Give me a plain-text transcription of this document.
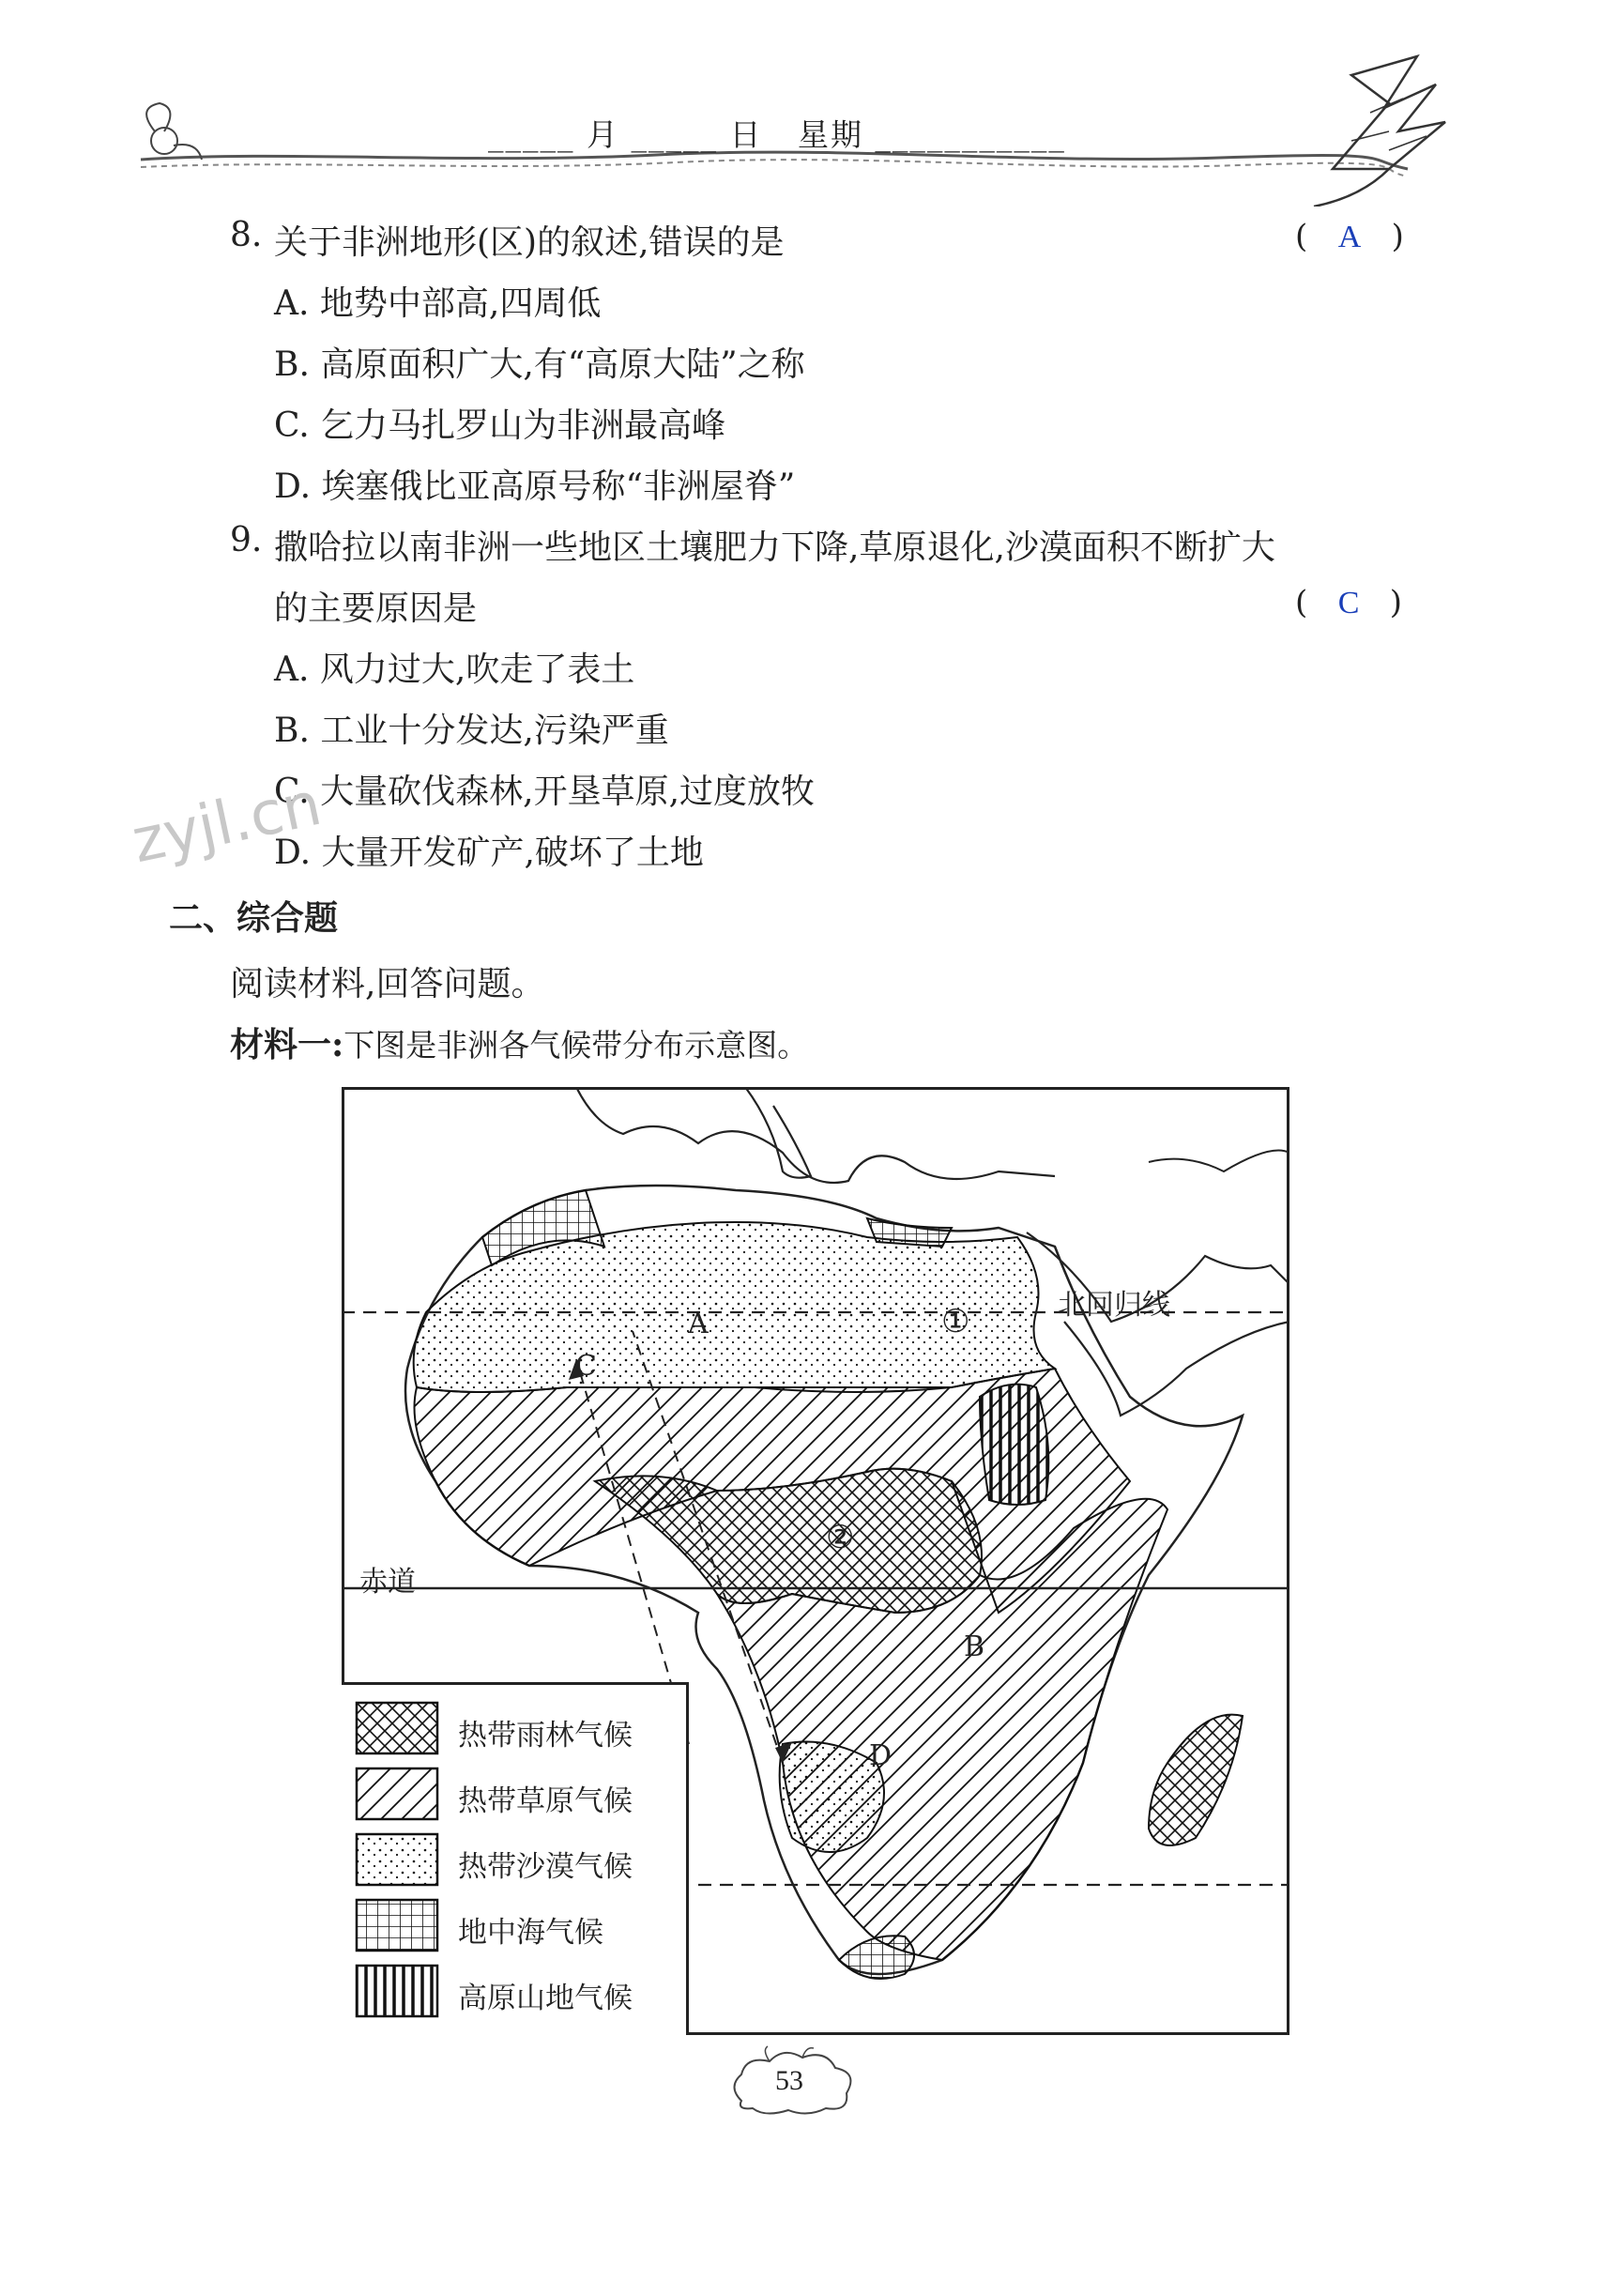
_____ 月 _____ 日   星期 ___________
8. 关于非洲地形(区)的叙述,错误的是	(   A   )
A. 地势中部高,四周低
B. 高原面积广大,有“高原大陆”之称
C. 乞力马扎罗山为非洲最高峰
D. 埃塞俄比亚高原号称“非洲屋脊”
9. 撒哈拉以南非洲一些地区土壤肥力下降,草原退化,沙漠面积不断扩大
的主要原因是	(   C   )
A. 风力过大,吹走了表土
B. 工业十分发达,污染严重
C. 大量砍伐森林,开垦草原,过度放牧
D. 大量开发矿产,破坏了土地
zyjl.cn
二、综合题
阅读材料,回答问题。
材料一:下图是非洲各气候带分布示意图。
北回归线
赤道
A
B
C
D
①
②
热带雨林气候
热带草原气候
热带沙漠气候
地中海气候
高原山地气候
53
